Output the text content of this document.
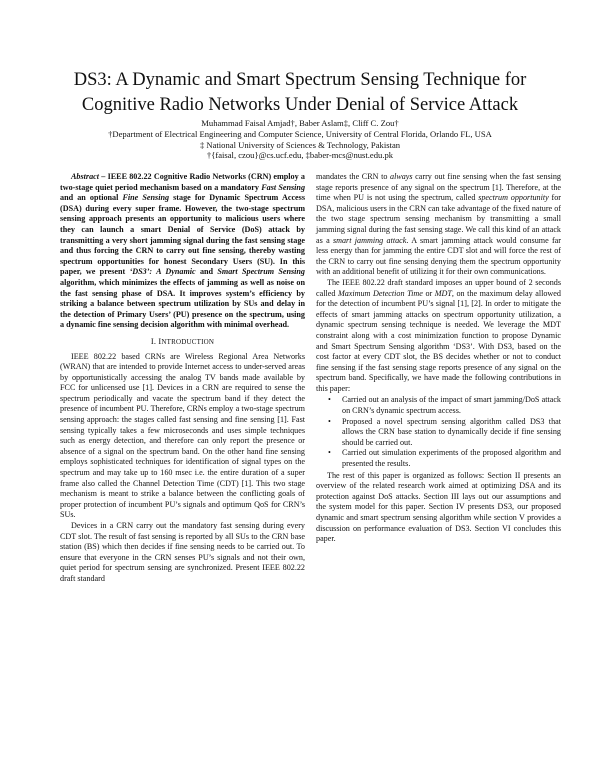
DS3: A Dynamic and Smart Spectrum Sensing Technique for
Cognitive Radio Networks Under Denial of Service Attack
Muhammad Faisal Amjad†, Baber Aslam‡, Cliff C. Zou†
†Department of Electrical Engineering and Computer Science, University of Central Florida, Orlando FL, USA
‡ National University of Sciences & Technology, Pakistan
†{faisal, czou}@cs.ucf.edu, ‡baber-mcs@nust.edu.pk

Abstract – IEEE 802.22 Cognitive Radio Networks (CRN) employ a two-stage quiet period mechanism based on a mandatory Fast Sensing and an optional Fine Sensing stage for Dynamic Spectrum Access (DSA) during every super frame. However, the two-stage spectrum sensing approach presents an opportunity to malicious users where they can launch a smart Denial of Service (DoS) attack by transmitting a very short jamming signal during the fast sensing stage and thus forcing the CRN to carry out fine sensing, thereby wasting spectrum opportunities for honest Secondary Users (SU). In this paper, we present ‘DS3’: A Dynamic and Smart Spectrum Sensing algorithm, which minimizes the effects of jamming as well as noise on the fast sensing phase of DSA. It improves system’s efficiency by striking a balance between spectrum utilization by SUs and delay in the detection of Primary Users’ (PU) presence on the spectrum, using a dynamic fine sensing decision algorithm with minimal overhead.

I. INTRODUCTION

IEEE 802.22 based CRNs are Wireless Regional Area Networks (WRAN) that are intended to provide Internet access to under-served areas by opportunistically accessing the analog TV bands made available by FCC for unlicensed use [1]. Devices in a CRN are required to sense the spectrum periodically and vacate the spectrum band if they detect the presence of incumbent PU. Therefore, CRNs employ a two-stage spectrum sensing approach: the stages called fast sensing and fine sensing [1]. Fast sensing typically takes a few microseconds and uses simple techniques such as energy detection, and therefore can only report the presence or absence of a signal on the spectrum band. On the other hand fine sensing employs sophisticated techniques for identification of signal types on the spectrum and may take up to 160 msec i.e. the entire duration of a super frame also called the Channel Detection Time (CDT) [1]. This two stage mechanism is meant to strike a balance between the conflicting goals of proper protection of incumbent PU’s signals and optimum QoS for CRN’s SUs.

Devices in a CRN carry out the mandatory fast sensing during every CDT slot. The result of fast sensing is reported by all SUs to the CRN base station (BS) which then decides if fine sensing needs to be carried out. To ensure that everyone in the CRN senses PU’s signals and not their own, quiet period for spectrum sensing are synchronized. Present IEEE 802.22 draft standard

mandates the CRN to always carry out fine sensing when the fast sensing stage reports presence of any signal on the spectrum [1]. Therefore, at the time when PU is not using the spectrum, called spectrum opportunity for DSA, malicious users in the CRN can take advantage of the fixed nature of the two stage spectrum sensing mechanism by transmitting a small jamming signal during the fast sensing stage. We call this kind of an attack as a smart jamming attack. A smart jamming attack would consume far less energy than for jamming the entire CDT slot and will force the rest of the CRN to carry out fine sensing denying them the spectrum opportunity with an additional benefit of utilizing it for their own communications.

The IEEE 802.22 draft standard imposes an upper bound of 2 seconds called Maximum Detection Time or MDT, on the maximum delay allowed for the detection of incumbent PU’s signal [1], [2]. In order to mitigate the effects of smart jamming attacks on spectrum opportunity utilization, a dynamic spectrum sensing technique is needed. We leverage the MDT constraint along with a cost minimization function to propose Dynamic and Smart Spectrum Sensing algorithm ‘DS3’. With DS3, based on the cost factor at every CDT slot, the BS decides whether or not to conduct fine sensing if the fast sensing stage reports presence of any signal on the spectrum band. Specifically, we have made the following contributions in this paper:

• Carried out an analysis of the impact of smart jamming/DoS attack on CRN’s dynamic spectrum access.
• Proposed a novel spectrum sensing algorithm called DS3 that allows the CRN base station to dynamically decide if fine sensing should be carried out.
• Carried out simulation experiments of the proposed algorithm and presented the results.

The rest of this paper is organized as follows: Section II presents an overview of the related research work aimed at optimizing DSA and its protection against DoS attacks. Section III lays out our assumptions and the system model for this paper. Section IV presents DS3, our proposed dynamic and smart spectrum sensing algorithm while section V provides a discussion on performance evaluation of DS3. Section VI concludes this paper.
